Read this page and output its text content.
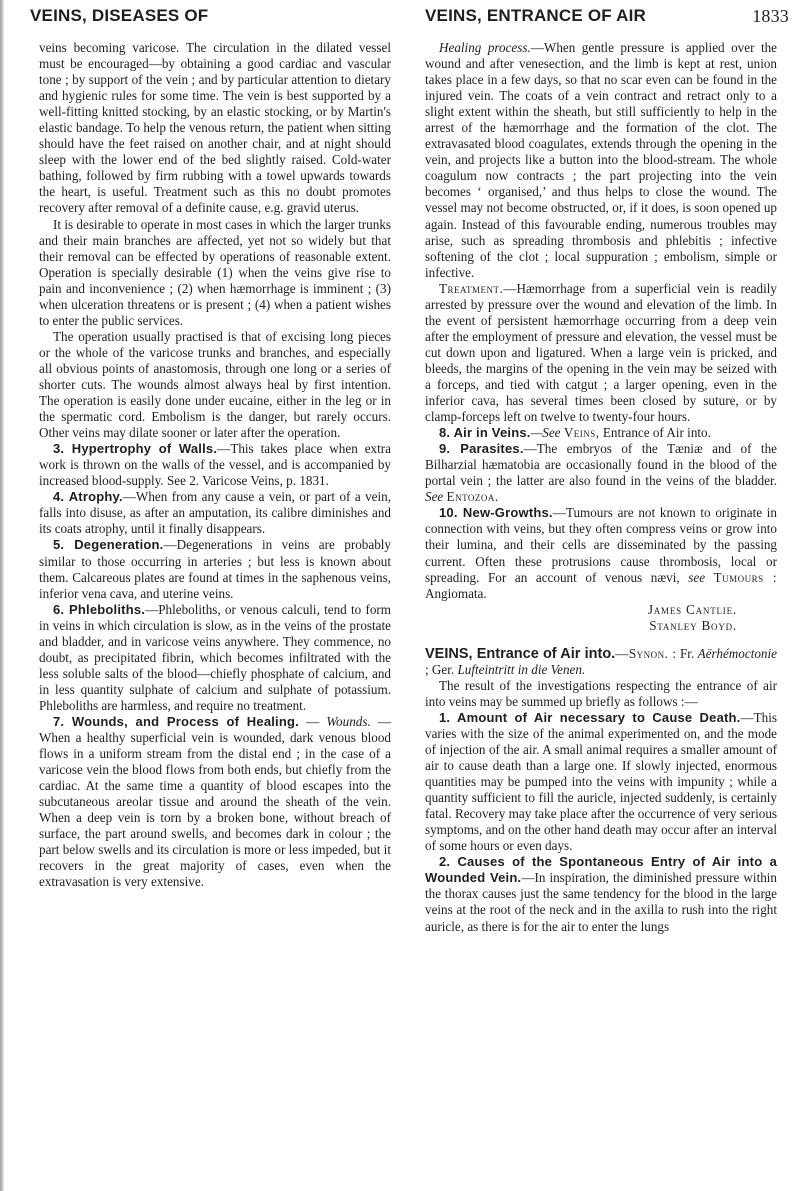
VEINS, DISEASES OF	VEINS, ENTRANCE OF AIR	1833

veins becoming varicose. The circulation in the dilated vessel must be encouraged—by obtaining a good cardiac and vascular tone ; by support of the vein ; and by particular attention to dietary and hygienic rules for some time. The vein is best supported by a well-fitting knitted stocking, by an elastic stocking, or by Martin's elastic bandage. To help the venous return, the patient when sitting should have the feet raised on another chair, and at night should sleep with the lower end of the bed slightly raised. Cold-water bathing, followed by firm rubbing with a towel upwards towards the heart, is useful. Treatment such as this no doubt promotes recovery after removal of a definite cause, e.g. gravid uterus.

It is desirable to operate in most cases in which the larger trunks and their main branches are affected, yet not so widely but that their removal can be effected by operations of reasonable extent. Operation is specially desirable (1) when the veins give rise to pain and inconvenience ; (2) when hæmorrhage is imminent ; (3) when ulceration threatens or is present ; (4) when a patient wishes to enter the public services.

The operation usually practised is that of excising long pieces or the whole of the varicose trunks and branches, and especially all obvious points of anastomosis, through one long or a series of shorter cuts. The wounds almost always heal by first intention. The operation is easily done under eucaine, either in the leg or in the spermatic cord. Embolism is the danger, but rarely occurs. Other veins may dilate sooner or later after the operation.

3. Hypertrophy of Walls.—This takes place when extra work is thrown on the walls of the vessel, and is accompanied by increased blood-supply. See 2. Varicose Veins, p. 1831.

4. Atrophy.—When from any cause a vein, or part of a vein, falls into disuse, as after an amputation, its calibre diminishes and its coats atrophy, until it finally disappears.

5. Degeneration.—Degenerations in veins are probably similar to those occurring in arteries ; but less is known about them. Calcareous plates are found at times in the saphenous veins, inferior vena cava, and uterine veins.

6. Phleboliths.—Phleboliths, or venous calculi, tend to form in veins in which circulation is slow, as in the veins of the prostate and bladder, and in varicose veins anywhere. They commence, no doubt, as precipitated fibrin, which becomes infiltrated with the less soluble salts of the blood—chiefly phosphate of calcium, and in less quantity sulphate of calcium and sulphate of potassium. Phleboliths are harmless, and require no treatment.

7. Wounds, and Process of Healing. — Wounds. — When a healthy superficial vein is wounded, dark venous blood flows in a uniform stream from the distal end ; in the case of a varicose vein the blood flows from both ends, but chiefly from the cardiac. At the same time a quantity of blood escapes into the subcutaneous areolar tissue and around the sheath of the vein. When a deep vein is torn by a broken bone, without breach of surface, the part around swells, and becomes dark in colour ; the part below swells and its circulation is more or less impeded, but it recovers in the great majority of cases, even when the extravasation is very extensive.

Healing process.—When gentle pressure is applied over the wound and after venesection, and the limb is kept at rest, union takes place in a few days, so that no scar even can be found in the injured vein. The coats of a vein contract and retract only to a slight extent within the sheath, but still sufficiently to help in the arrest of the hæmorrhage and the formation of the clot. The extravasated blood coagulates, extends through the opening in the vein, and projects like a button into the blood-stream. The whole coagulum now contracts ; the part projecting into the vein becomes ‘ organised,’ and thus helps to close the wound. The vessel may not become obstructed, or, if it does, is soon opened up again. Instead of this favourable ending, numerous troubles may arise, such as spreading thrombosis and phlebitis ; infective softening of the clot ; local suppuration ; embolism, simple or infective.

Treatment.—Hæmorrhage from a superficial vein is readily arrested by pressure over the wound and elevation of the limb. In the event of persistent hæmorrhage occurring from a deep vein after the employment of pressure and elevation, the vessel must be cut down upon and ligatured. When a large vein is pricked, and bleeds, the margins of the opening in the vein may be seized with a forceps, and tied with catgut ; a larger opening, even in the inferior cava, has several times been closed by suture, or by clamp-forceps left on twelve to twenty-four hours.

8. Air in Veins.—See Veins, Entrance of Air into.

9. Parasites.—The embryos of the Tæniæ and of the Bilharzial hæmatobia are occasionally found in the blood of the portal vein ; the latter are also found in the veins of the bladder. See Entozoa.

10. New-Growths.—Tumours are not known to originate in connection with veins, but they often compress veins or grow into their lumina, and their cells are disseminated by the passing current. Often these protrusions cause thrombosis, local or spreading. For an account of venous nævi, see Tumours : Angiomata.

James Cantlie.
Stanley Boyd.

VEINS, Entrance of Air into.—Synon. : Fr. Aërhémoctonie ; Ger. Lufteintritt in die Venen.

The result of the investigations respecting the entrance of air into veins may be summed up briefly as follows :—

1. Amount of Air necessary to Cause Death.—This varies with the size of the animal experimented on, and the mode of injection of the air. A small animal requires a smaller amount of air to cause death than a large one. If slowly injected, enormous quantities may be pumped into the veins with impunity ; while a quantity sufficient to fill the auricle, injected suddenly, is certainly fatal. Recovery may take place after the occurrence of very serious symptoms, and on the other hand death may occur after an interval of some hours or even days.

2. Causes of the Spontaneous Entry of Air into a Wounded Vein.—In inspiration, the diminished pressure within the thorax causes just the same tendency for the blood in the large veins at the root of the neck and in the axilla to rush into the right auricle, as there is for the air to enter the lungs
